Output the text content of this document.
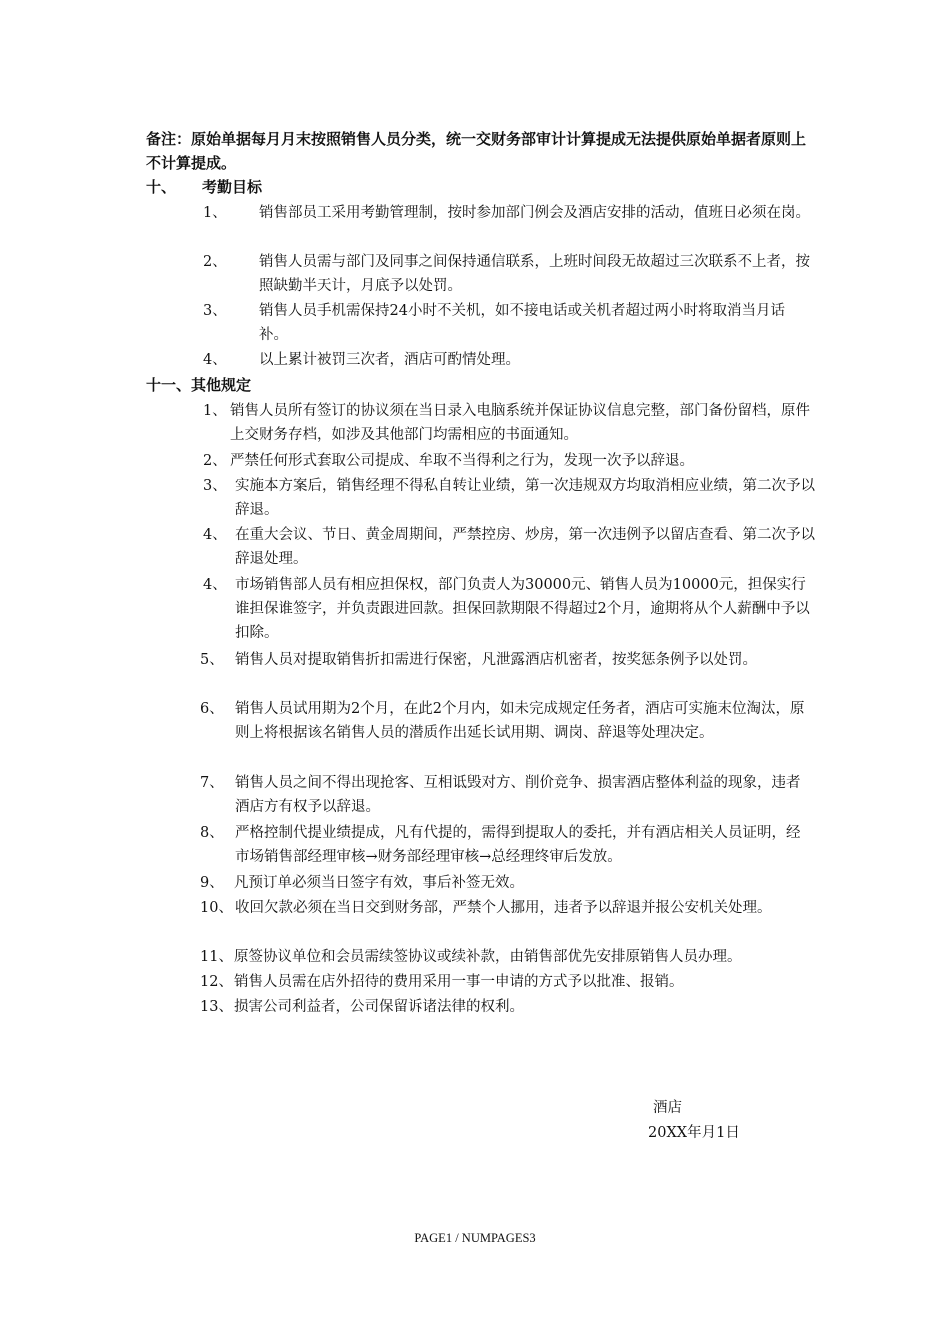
备注：原始单据每月月末按照销售人员分类，统一交财务部审计计算提成无法提供原始单据者原则上不计算提成。
十、 考勤目标
1、 销售部员工采用考勤管理制，按时参加部门例会及酒店安排的活动，值班日必须在岗。
2、 销售人员需与部门及同事之间保持通信联系，上班时间段无故超过三次联系不上者，按照缺勤半天计，月底予以处罚。
3、 销售人员手机需保持24小时不关机，如不接电话或关机者超过两小时将取消当月话补。
4、 以上累计被罚三次者，酒店可酌情处理。
十一、其他规定
1、 销售人员所有签订的协议须在当日录入电脑系统并保证协议信息完整，部门备份留档，原件上交财务存档，如涉及其他部门均需相应的书面通知。
2、 严禁任何形式套取公司提成、牟取不当得利之行为，发现一次予以辞退。
3、 实施本方案后，销售经理不得私自转让业绩，第一次违规双方均取消相应业绩，第二次予以辞退。
4、 在重大会议、节日、黄金周期间，严禁控房、炒房，第一次违例予以留店查看、第二次予以辞退处理。
4、 市场销售部人员有相应担保权，部门负责人为30000元、销售人员为10000元，担保实行谁担保谁签字，并负责跟进回款。担保回款期限不得超过2个月，逾期将从个人薪酬中予以扣除。
5、 销售人员对提取销售折扣需进行保密，凡泄露酒店机密者，按奖惩条例予以处罚。
6、 销售人员试用期为2个月，在此2个月内，如未完成规定任务者，酒店可实施末位淘汰，原则上将根据该名销售人员的潜质作出延长试用期、调岗、辞退等处理决定。
7、 销售人员之间不得出现抢客、互相诋毁对方、削价竞争、损害酒店整体利益的现象，违者酒店方有权予以辞退。
8、 严格控制代提业绩提成，凡有代提的，需得到提取人的委托，并有酒店相关人员证明，经市场销售部经理审核→财务部经理审核→总经理终审后发放。
9、 凡预订单必须当日签字有效，事后补签无效。
10、 收回欠款必须在当日交到财务部，严禁个人挪用，违者予以辞退并报公安机关处理。
11、 原签协议单位和会员需续签协议或续补款，由销售部优先安排原销售人员办理。
12、 销售人员需在店外招待的费用采用一事一申请的方式予以批准、报销。
13、 损害公司利益者，公司保留诉诸法律的权利。
酒店
20XX年月1日
PAGE1 / NUMPAGES3
